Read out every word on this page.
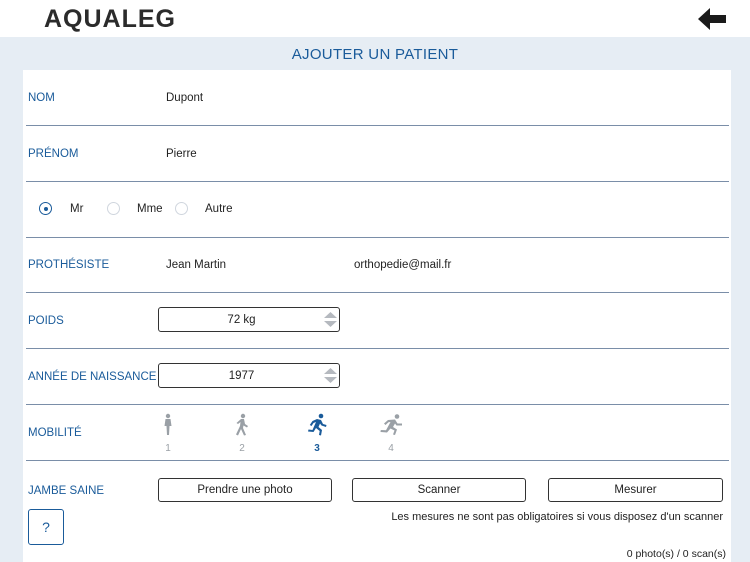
AQUALEG
AJOUTER UN PATIENT
NOM	Dupont
PRÉNOM	Pierre
Mr	Mme	Autre
PROTHÉSISTE	Jean Martin	orthopedie@mail.fr
POIDS	72 kg
ANNÉE DE NAISSANCE	1977
MOBILITÉ
1	2	3	4
JAMBE SAINE	Prendre une photo	Scanner	Mesurer
?
Les mesures ne sont pas obligatoires si vous disposez d'un scanner
0 photo(s) / 0 scan(s)
